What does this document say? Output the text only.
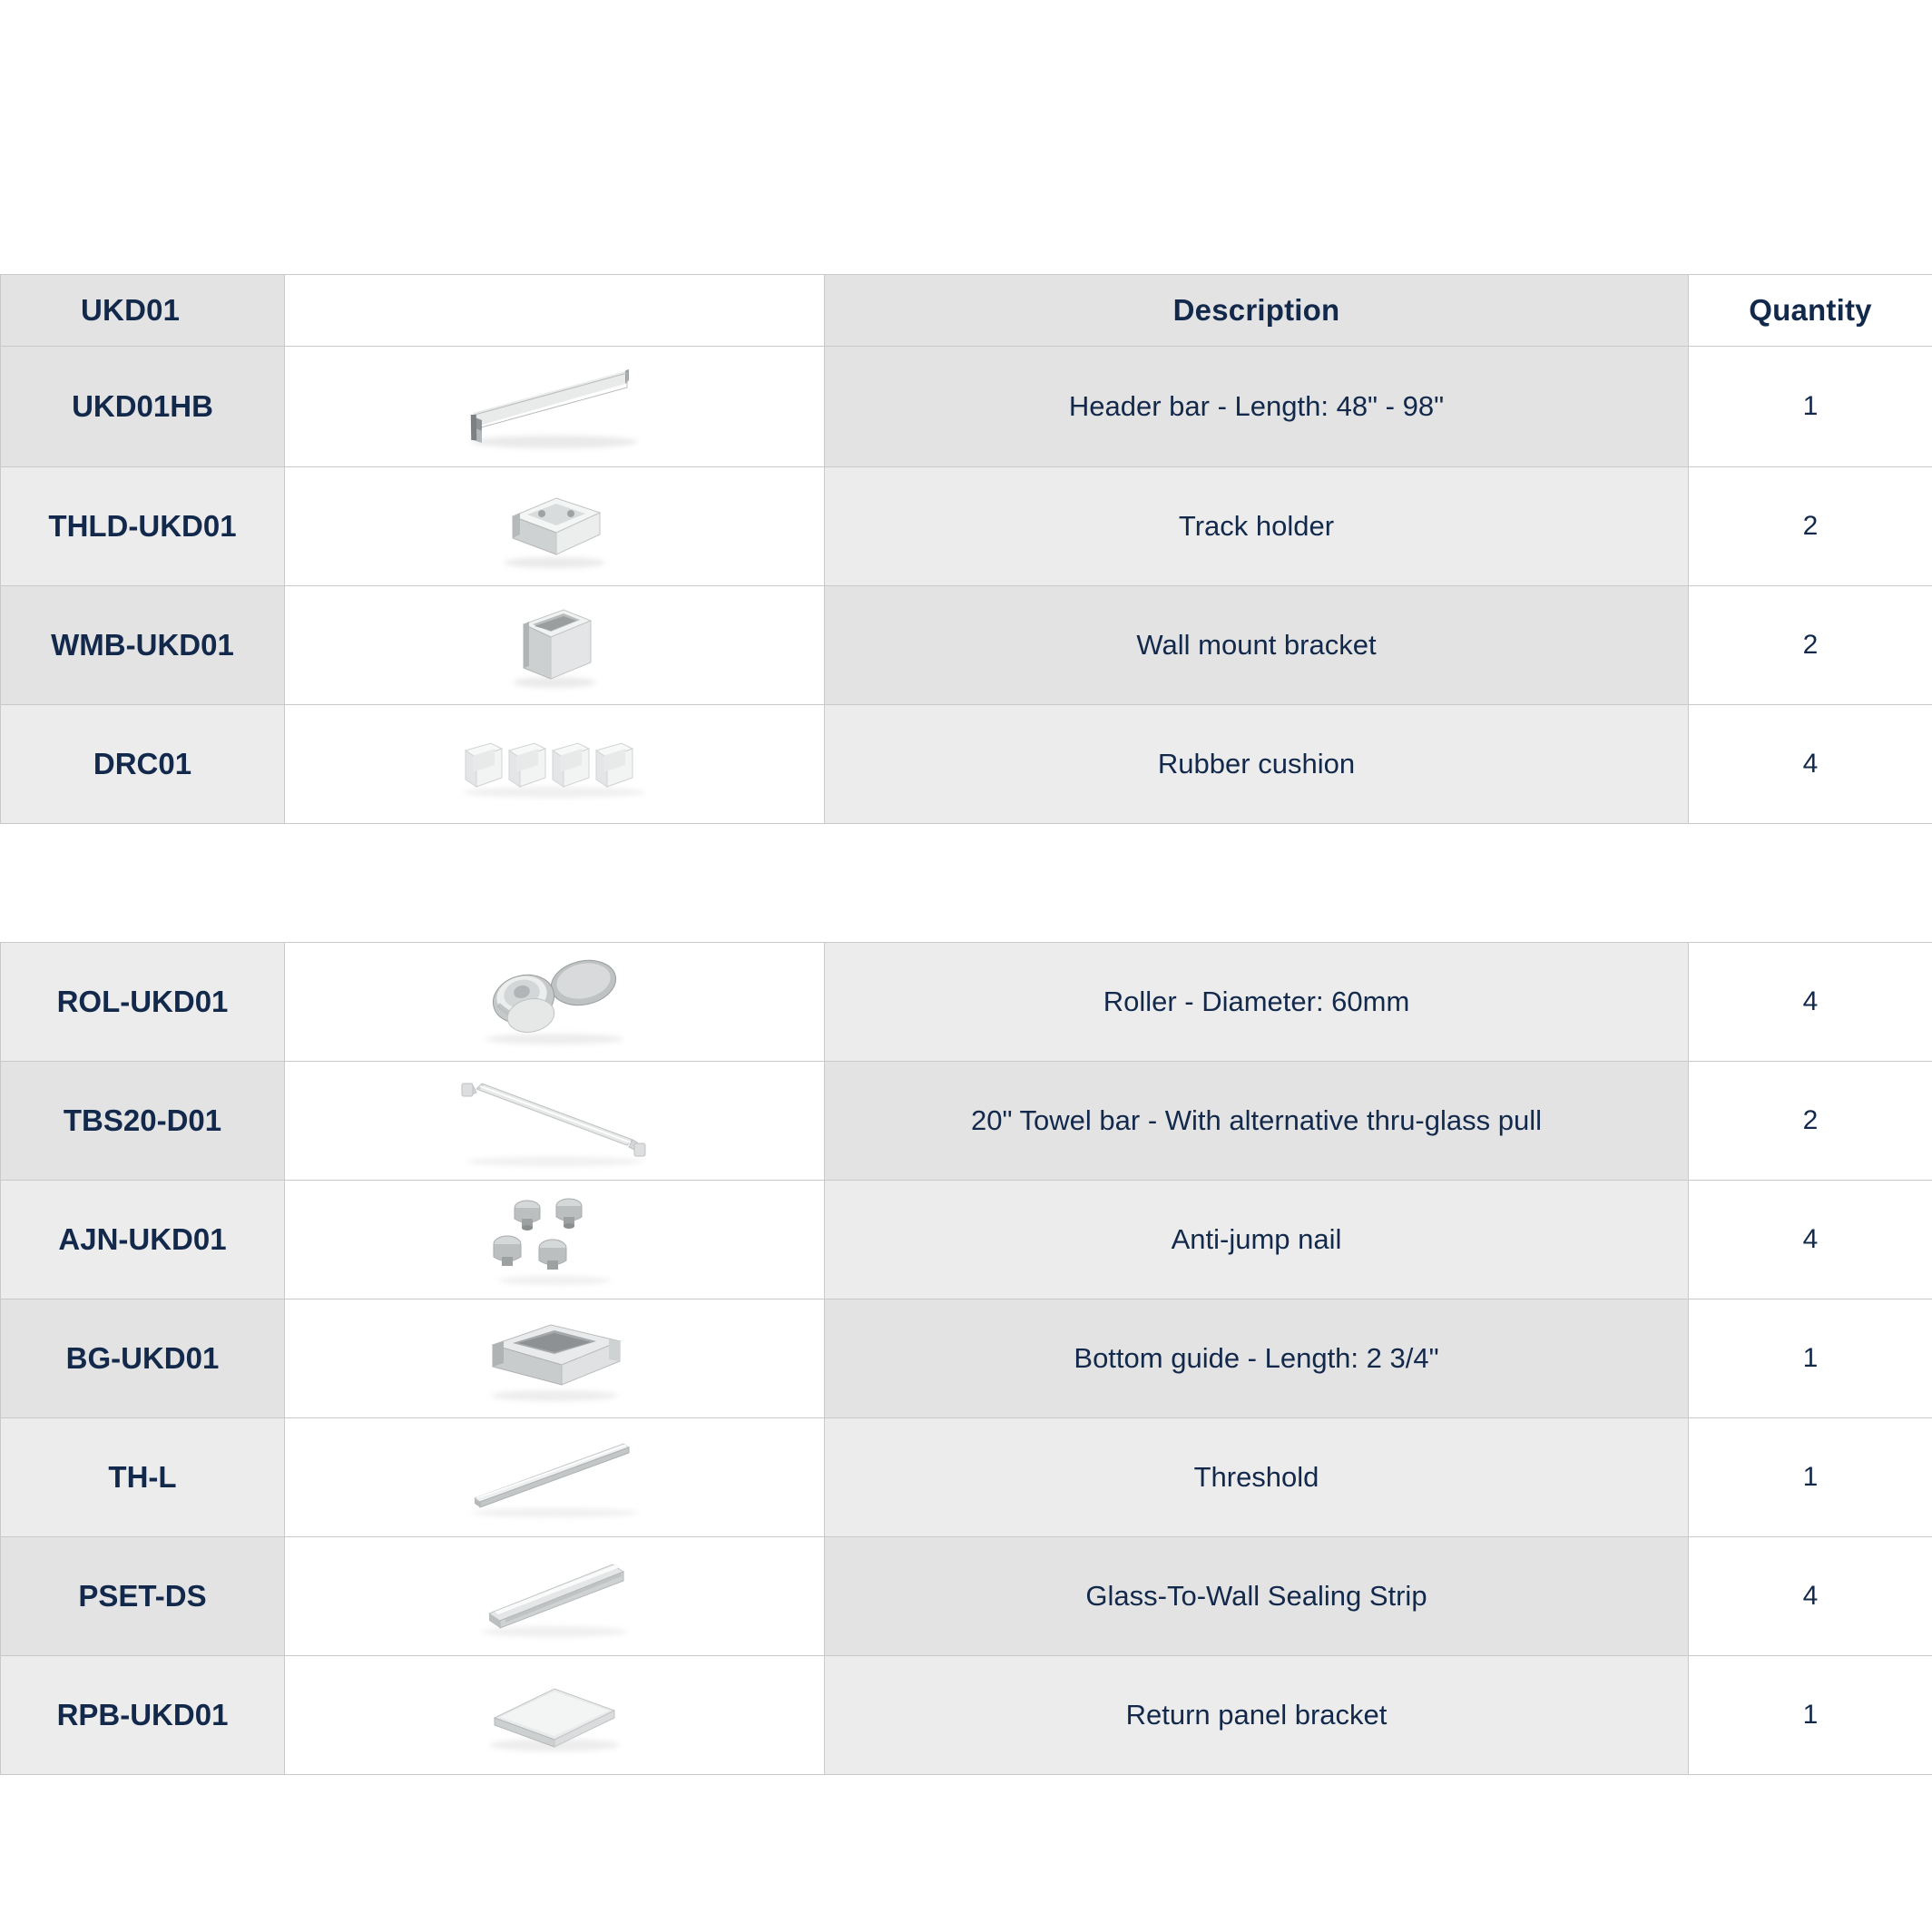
UKD01		Description	Quantity
UKD01HB		Header bar - Length: 48" - 98"	1
THLD-UKD01		Track holder	2
WMB-UKD01		Wall mount bracket	2
DRC01		Rubber cushion	4

ROL-UKD01		Roller - Diameter: 60mm	4
TBS20-D01		20" Towel bar - With alternative thru-glass pull	2
AJN-UKD01		Anti-jump nail	4
BG-UKD01		Bottom guide - Length: 2 3/4"	1
TH-L		Threshold	1
PSET-DS		Glass-To-Wall Sealing Strip	4
RPB-UKD01		Return panel bracket	1
